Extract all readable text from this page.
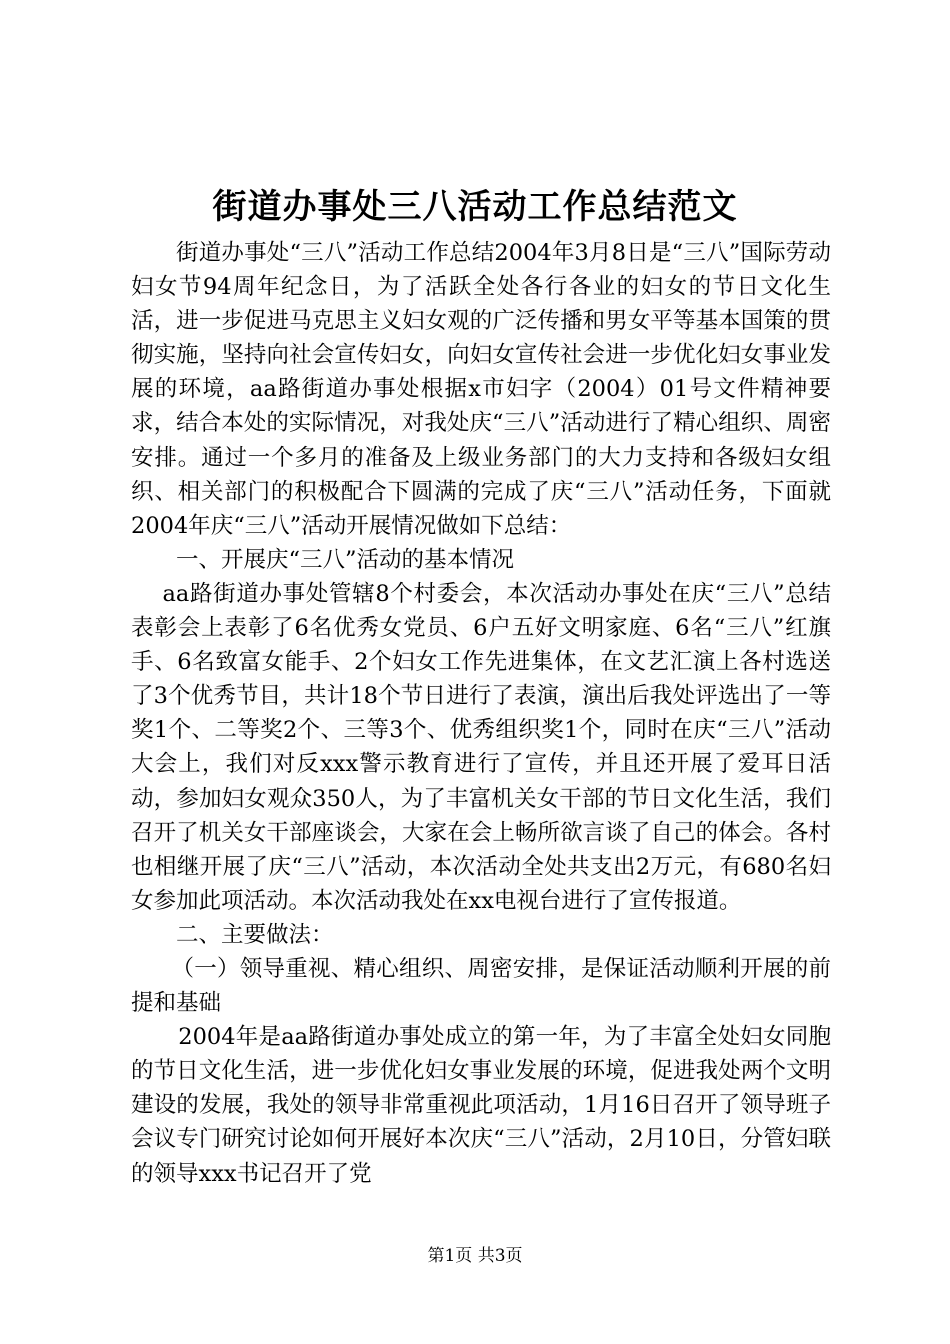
街道办事处三八活动工作总结范文

街道办事处“三八”活动工作总结2004年3月8日是“三八”国际劳动妇女节94周年纪念日，为了活跃全处各行各业的妇女的节日文化生活，进一步促进马克思主义妇女观的广泛传播和男女平等基本国策的贯彻实施，坚持向社会宣传妇女，向妇女宣传社会进一步优化妇女事业发展的环境，aa路街道办事处根据x市妇字（2004）01号文件精神要求，结合本处的实际情况，对我处庆“三八”活动进行了精心组织、周密安排。通过一个多月的准备及上级业务部门的大力支持和各级妇女组织、相关部门的积极配合下圆满的完成了庆“三八”活动任务，下面就2004年庆“三八”活动开展情况做如下总结：

一、开展庆“三八”活动的基本情况

aa路街道办事处管辖8个村委会，本次活动办事处在庆“三八”总结表彰会上表彰了6名优秀女党员、6户五好文明家庭、6名“三八”红旗手、6名致富女能手、2个妇女工作先进集体，在文艺汇演上各村选送了3个优秀节目，共计18个节日进行了表演，演出后我处评选出了一等奖1个、二等奖2个、三等3个、优秀组织奖1个，同时在庆“三八”活动大会上，我们对反xxx警示教育进行了宣传，并且还开展了爱耳日活动，参加妇女观众350人，为了丰富机关女干部的节日文化生活，我们召开了机关女干部座谈会，大家在会上畅所欲言谈了自己的体会。各村也相继开展了庆“三八”活动，本次活动全处共支出2万元，有680名妇女参加此项活动。本次活动我处在xx电视台进行了宣传报道。

二、主要做法：

（一）领导重视、精心组织、周密安排，是保证活动顺利开展的前提和基础

2004年是aa路街道办事处成立的第一年，为了丰富全处妇女同胞的节日文化生活，进一步优化妇女事业发展的环境，促进我处两个文明建设的发展，我处的领导非常重视此项活动，1月16日召开了领导班子会议专门研究讨论如何开展好本次庆“三八”活动，2月10日，分管妇联的领导xxx书记召开了党

第1页 共3页
